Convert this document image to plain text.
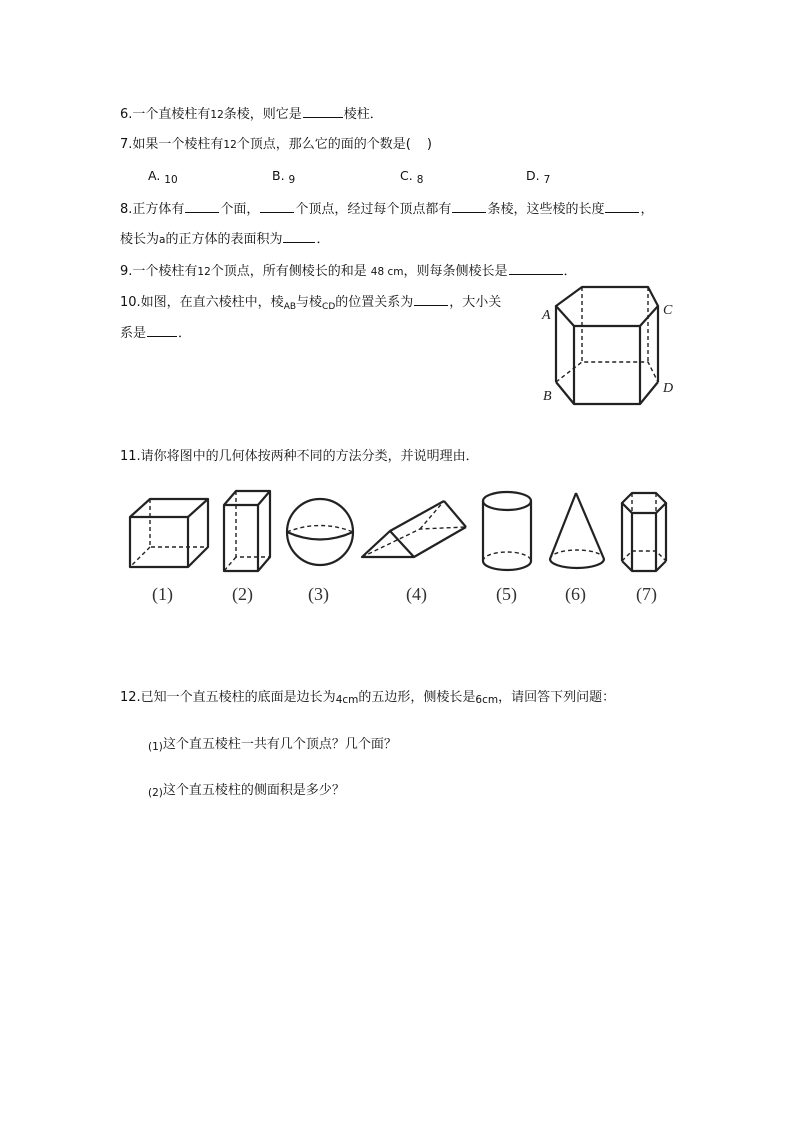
6.一个直棱柱有12条棱，则它是	棱柱．
7.如果一个棱柱有12个顶点，那么它的面的个数是( )
A. $_{10}$	B. $_9$	C. $_8$	D. $_7$
8.正方体有	个面，	个顶点，经过每个顶点都有	条棱，这些棱的长度	，
棱长为a的正方体的表面积为	．
9.一个棱柱有12个顶点，所有侧棱长的和是 48 cm，则每条侧棱长是	．
10.如图，在直六棱柱中，棱$_{AB}$与棱$_{CD}$的位置关系为	，大小关
系是 ．
A
B
C
D
11.请你将图中的几何体按两种不同的方法分类，并说明理由．
(1)	(2)	(3)	(4)	(5)	(6)	(7)
12.已知一个直五棱柱的底面是边长为4cm的五边形，侧棱长是6cm，请回答下列问题：
(1)这个直五棱柱一共有几个顶点？几个面？
(2)这个直五棱柱的侧面积是多少？
